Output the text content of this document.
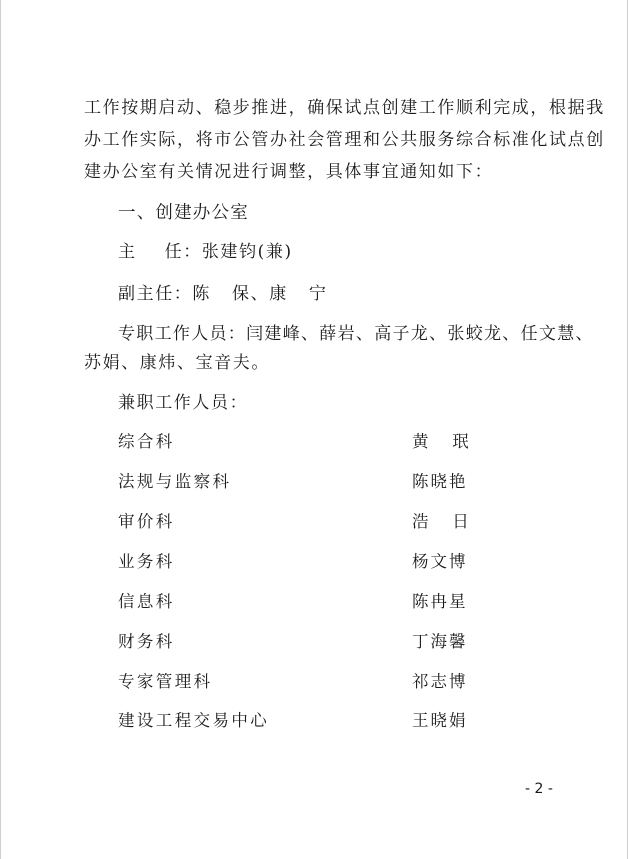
工作按期启动、稳步推进，确保试点创建工作顺利完成，根据我
办工作实际，将市公管办社会管理和公共服务综合标准化试点创
建办公室有关情况进行调整，具体事宜通知如下：
一、创建办公室
主    任：张建钧(兼)
副主任：陈   保、康   宁
专职工作人员：闫建峰、薛岩、高子龙、张蛟龙、任文慧、
苏娟、康炜、宝音夫。
兼职工作人员：
综合科	黄   珉
法规与监察科	陈晓艳
审价科	浩   日
业务科	杨文博
信息科	陈冉星
财务科	丁海馨
专家管理科	祁志博
建设工程交易中心	王晓娟
- 2 -
